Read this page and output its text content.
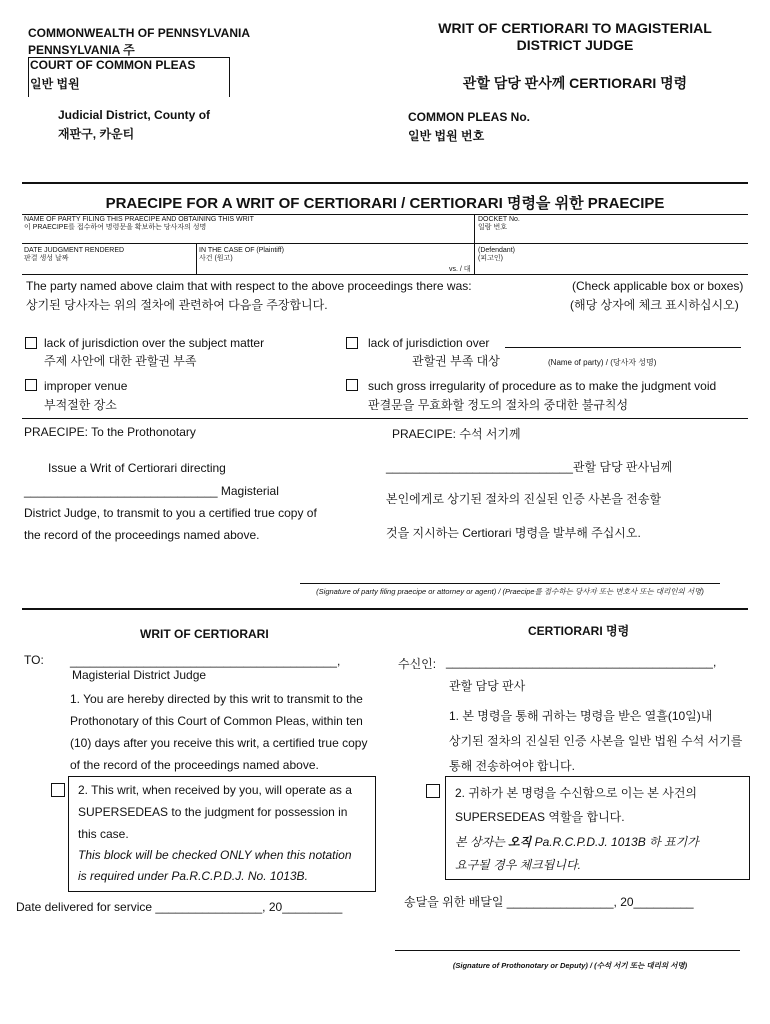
COMMONWEALTH OF PENNSYLVANIA
PENNSYLVANIA 주
COURT OF COMMON PLEAS
일반 법원
Judicial District, County of
재판구, 카운티
WRIT OF CERTIORARI TO MAGISTERIAL
DISTRICT JUDGE
관할 담당 판사께 CERTIORARI 명령
COMMON PLEAS No.
일반 법원 번호
PRAECIPE FOR A WRIT OF CERTIORARI / CERTIORARI 명령을 위한 PRAECIPE
NAME OF PARTY FILING THIS PRAECIPE AND OBTAINING THIS WRIT
이 PRAECIPE를 접수하여 명령문을 확보하는 당사자의 성명
DOCKET No.
일람 번호
DATE JUDGMENT RENDERED
판결 생성 날짜
IN THE CASE OF (Plaintiff)
사건 (원고)
(Defendant)
(피고인)
vs. / 대
The party named above claim that with respect to the above proceedings there was:
상기된 당사자는 위의 절차에 관련하여 다음을 주장합니다.
(Check applicable box or boxes)
(해당 상자에 체크 표시하십시오)
lack of jurisdiction over the subject matter
주제 사안에 대한 관할권 부족
lack of jurisdiction over
관할권 부족 대상	(Name of party) / (당사자 성명)
improper venue
부적절한 장소
such gross irregularity of procedure as to make the judgment void
판결문을 무효화할 정도의 절차의 중대한 불규칙성
PRAECIPE: To the Prothonotary	PRAECIPE: 수석 서기께
Issue a Writ of Certiorari directing
_____________________________ Magisterial
District Judge, to transmit to you a certified true copy of
the record of the proceedings named above.
____________________________관할 담당 판사님께
본인에게로 상기된 절차의 진실된 인증 사본을 전송할
것을 지시하는 Certiorari 명령을 발부해 주십시오.
(Signature of party filing praecipe or attorney or agent) / (Praecipe를 접수하는 당사자 또는 변호사 또는 대리인의 서명)
WRIT OF CERTIORARI	CERTIORARI 명령
TO: ________________________________________,
Magisterial District Judge
수신인: ________________________________________,
관할 담당 판사
1. You are hereby directed by this writ to transmit to the
Prothonotary of this Court of Common Pleas, within ten
(10) days after you receive this writ, a certified true copy
of the record of the proceedings named above.
1. 본 명령을 통해 귀하는 명령을 받은 열흘(10일)내
상기된 절차의 진실된 인증 사본을 일반 법원 수석 서기를
통해 전송하여야 합니다.
2. This writ, when received by you, will operate as a
SUPERSEDEAS to the judgment for possession in
this case.
This block will be checked ONLY when this notation
is required under Pa.R.C.P.D.J. No. 1013B.
2. 귀하가 본 명령을 수신함으로 이는 본 사건의
SUPERSEDEAS 역할을 합니다.
본 상자는 오직 Pa.R.C.P.D.J. 1013B 하 표기가
요구될 경우 체크됩니다.
Date delivered for service ________________, 20_________	송달을 위한 배달일 ________________, 20_________
(Signature of Prothonotary or Deputy) / (수석 서기 또는 대리의 서명)
